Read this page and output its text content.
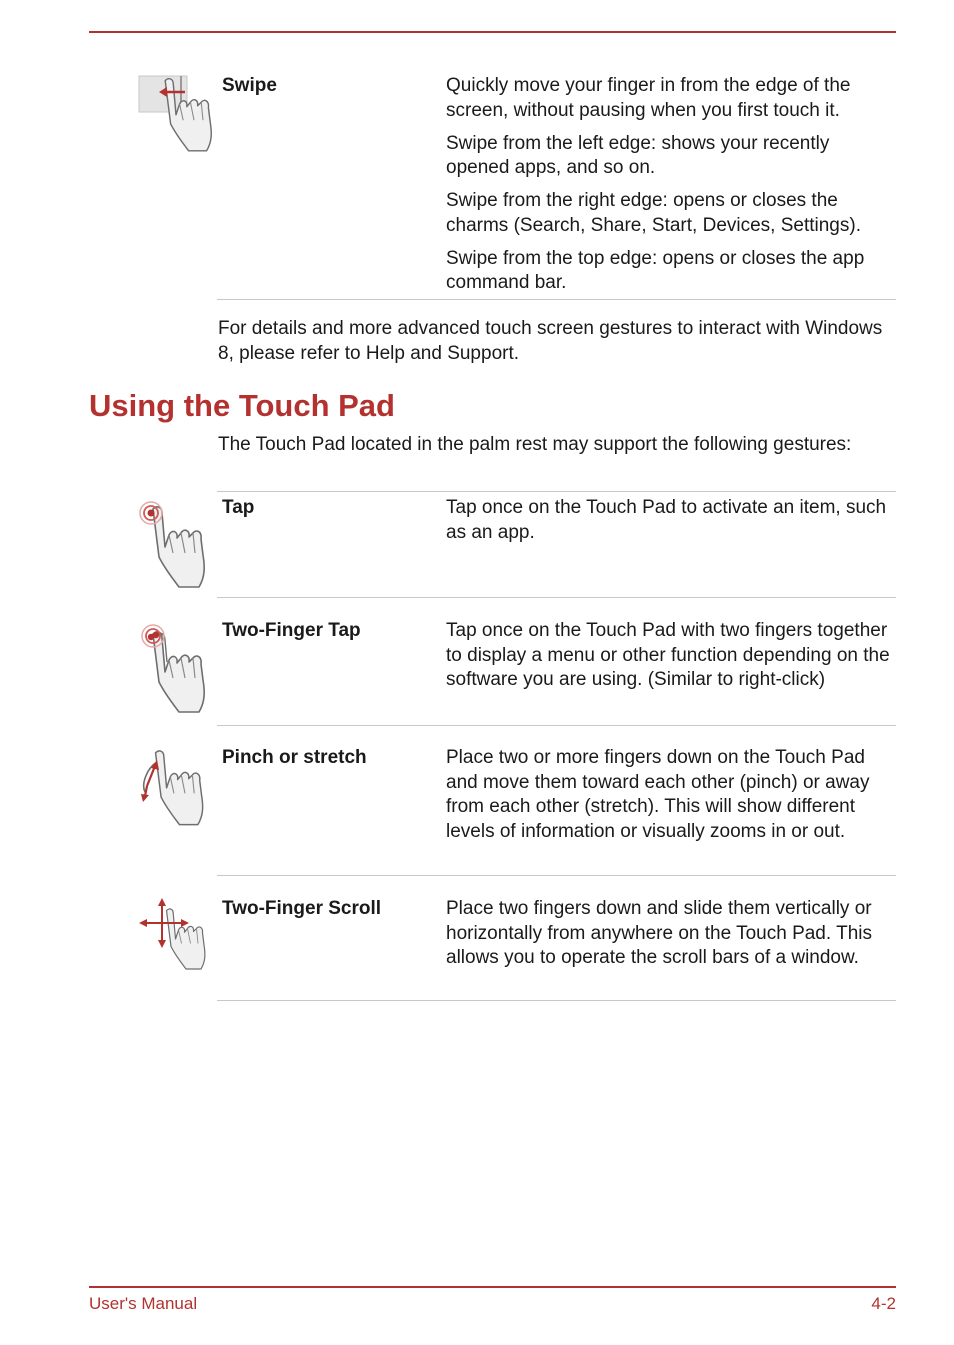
Swipe	Quickly move your finger in from the edge of the screen, without pausing when you first touch it.

Swipe from the left edge: shows your recently opened apps, and so on.

Swipe from the right edge: opens or closes the charms (Search, Share, Start, Devices, Settings).

Swipe from the top edge: opens or closes the app command bar.

For details and more advanced touch screen gestures to interact with Windows 8, please refer to Help and Support.

Using the Touch Pad

The Touch Pad located in the palm rest may support the following gestures:

Tap	Tap once on the Touch Pad to activate an item, such as an app.
Two-Finger Tap	Tap once on the Touch Pad with two fingers together to display a menu or other function depending on the software you are using. (Similar to right-click)
Pinch or stretch	Place two or more fingers down on the Touch Pad and move them toward each other (pinch) or away from each other (stretch). This will show different levels of information or visually zooms in or out.
Two-Finger Scroll	Place two fingers down and slide them vertically or horizontally from anywhere on the Touch Pad. This allows you to operate the scroll bars of a window.
User's Manual	4-2
